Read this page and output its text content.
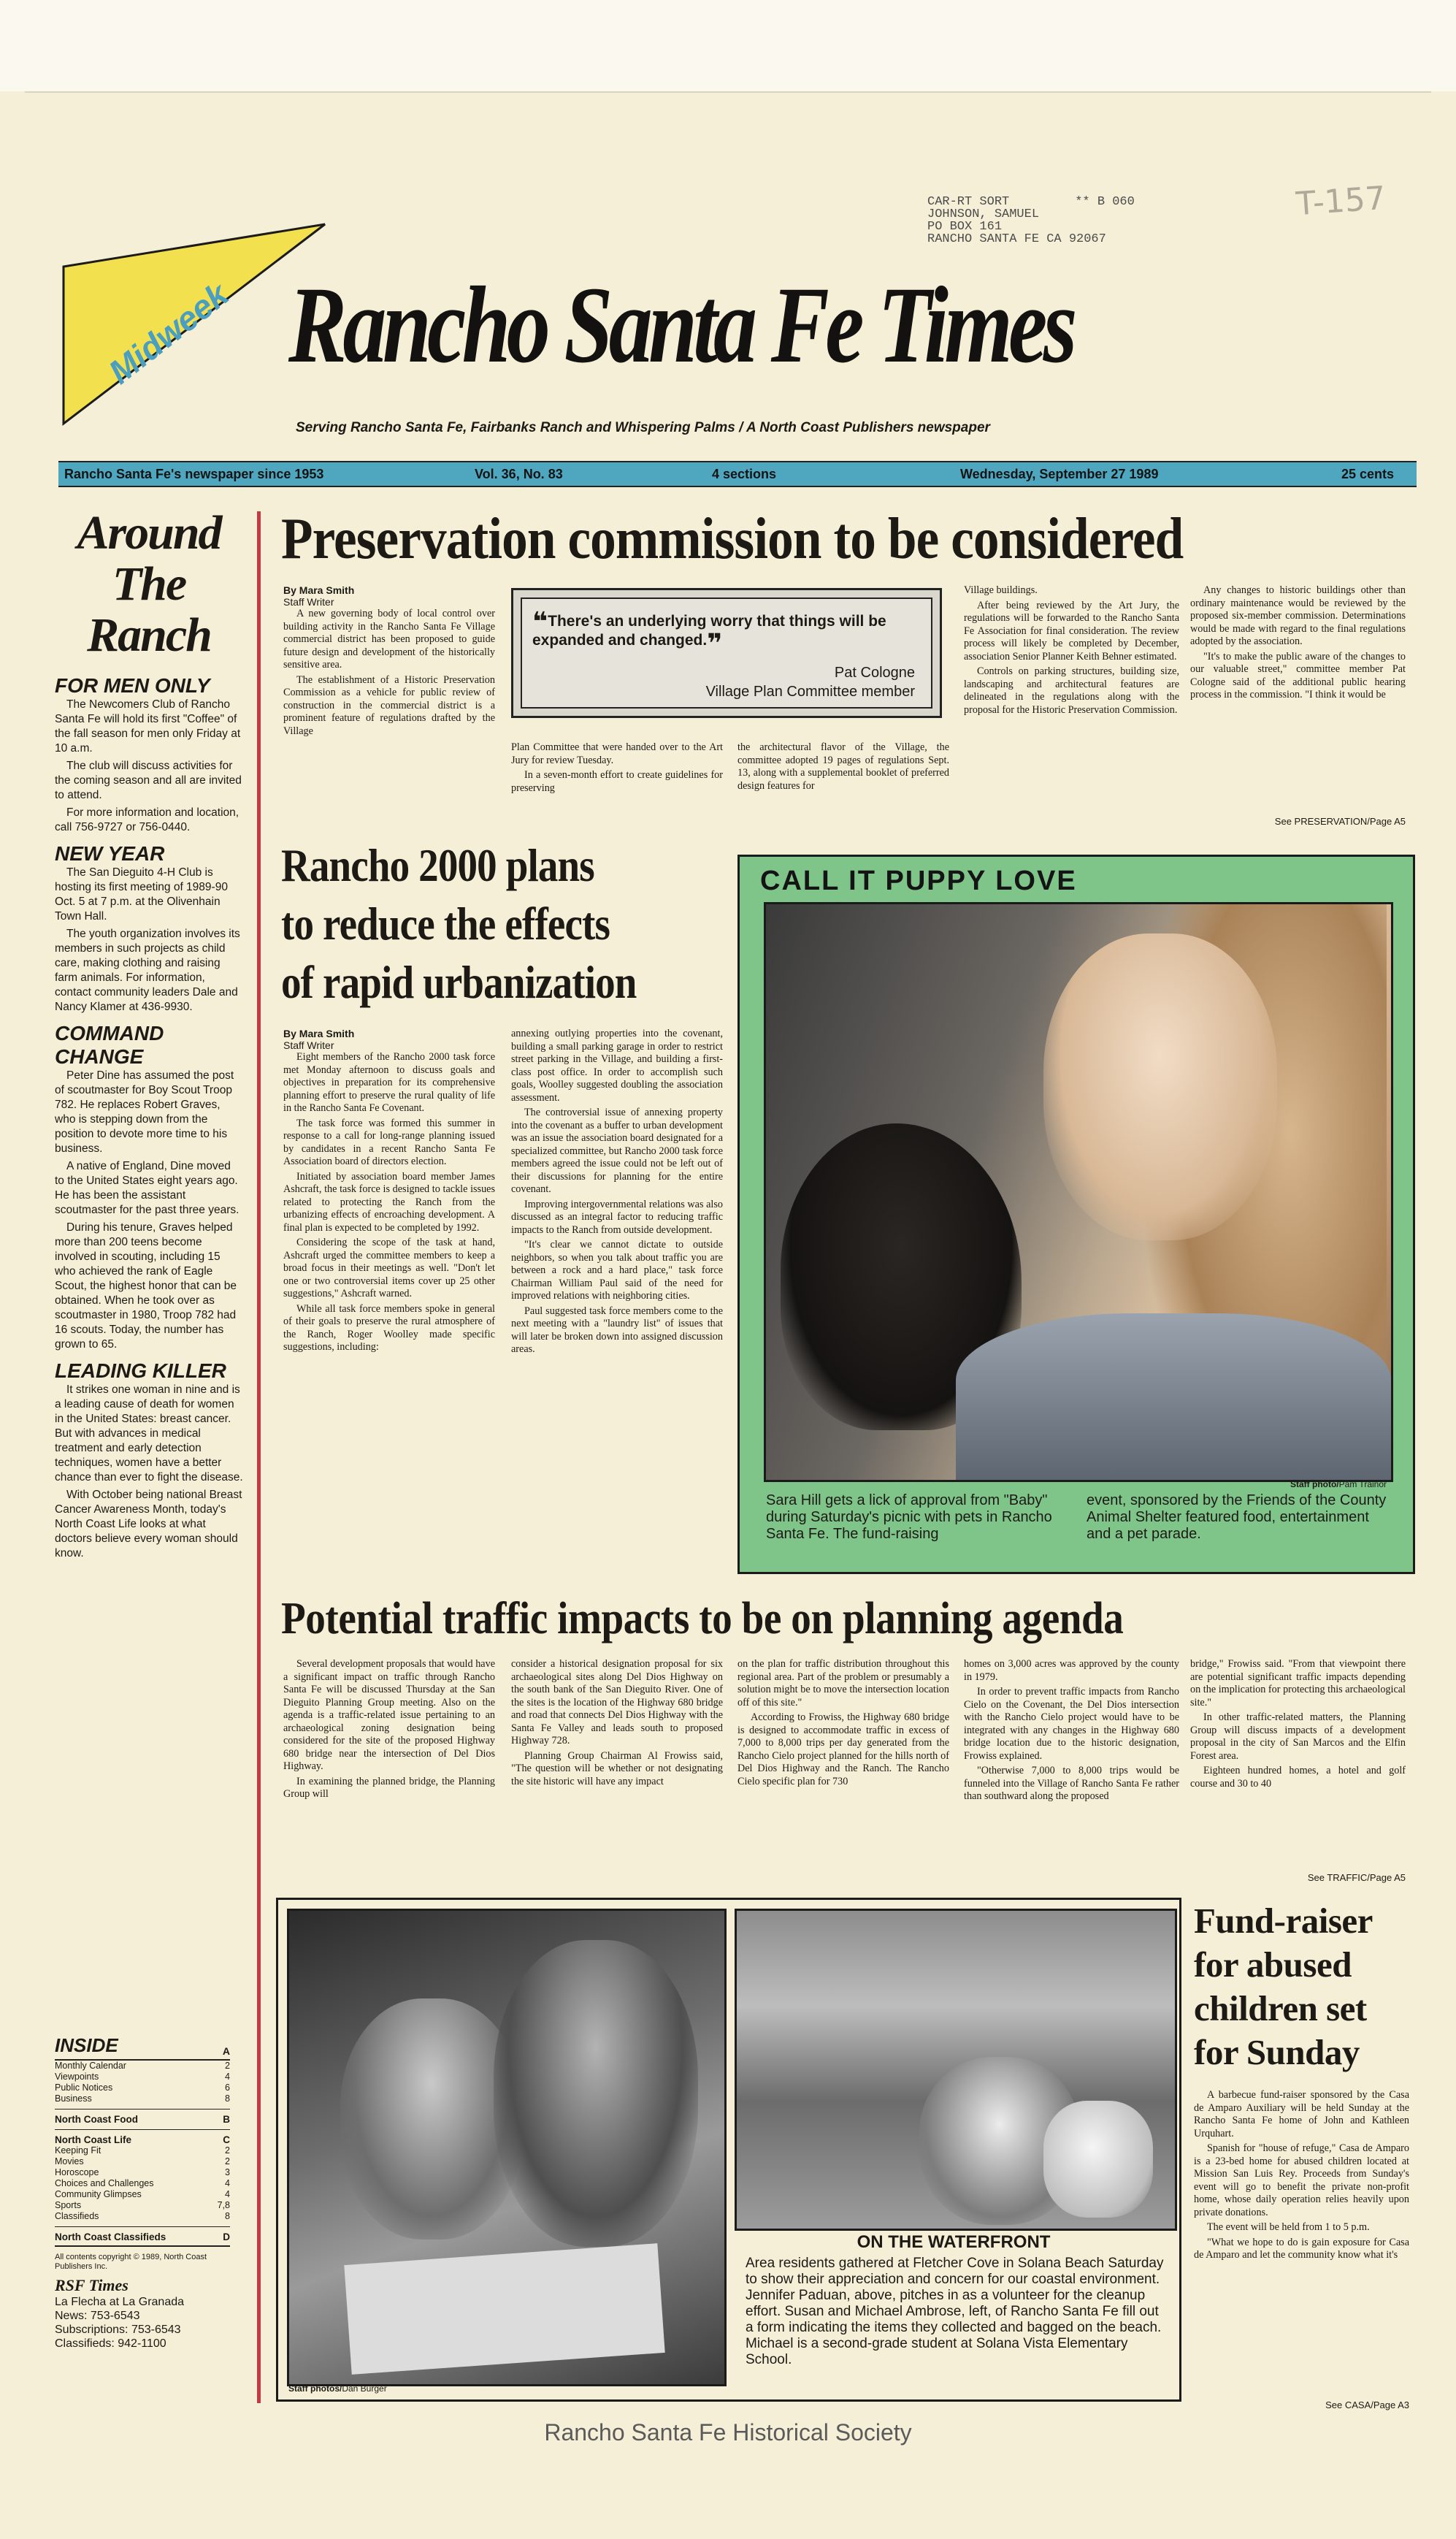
CAR-RT SORT	** B 060
JOHNSON, SAMUEL
PO BOX 161
RANCHO SANTA FE CA 92067
T-157
Midweek Rancho Santa Fe Times
Serving Rancho Santa Fe, Fairbanks Ranch and Whispering Palms / A North Coast Publishers newspaper
Rancho Santa Fe's newspaper since 1953	Vol. 36, No. 83	4 sections	Wednesday, September 27 1989	25 cents
Around
The
Ranch
FOR MEN ONLY

The Newcomers Club of Rancho Santa Fe will hold its first "Coffee" of the fall season for men only Friday at 10 a.m.

The club will discuss activities for the coming season and all are invited to attend.

For more information and location, call 756-9727 or 756-0440.

NEW YEAR

The San Dieguito 4-H Club is hosting its first meeting of 1989-90 Oct. 5 at 7 p.m. at the Olivenhain Town Hall.

The youth organization involves its members in such projects as child care, making clothing and raising farm animals. For information, contact community leaders Dale and Nancy Klamer at 436-9930.

COMMAND CHANGE

Peter Dine has assumed the post of scoutmaster for Boy Scout Troop 782. He replaces Robert Graves, who is stepping down from the position to devote more time to his business.

A native of England, Dine moved to the United States eight years ago. He has been the assistant scoutmaster for the past three years.

During his tenure, Graves helped more than 200 teens become involved in scouting, including 15 who achieved the rank of Eagle Scout, the highest honor that can be obtained. When he took over as scoutmaster in 1980, Troop 782 had 16 scouts. Today, the number has grown to 65.

LEADING KILLER

It strikes one woman in nine and is a leading cause of death for women in the United States: breast cancer. But with advances in medical treatment and early detection techniques, women have a better chance than ever to fight the disease.

With October being national Breast Cancer Awareness Month, today's North Coast Life looks at what doctors believe every woman should know.

INSIDE	A
Monthly Calendar	2
Viewpoints	4
Public Notices	6
Business	8
North Coast Food	B
North Coast Life	C
Keeping Fit	2
Movies	2
Horoscope	3
Choices and Challenges	4
Community Glimpses	4
Sports	7,8
Classifieds	8
North Coast Classifieds	D
All contents copyright © 1989, North Coast Publishers Inc.
RSF Times
La Flecha at La Granada
News: 753-6543
Subscriptions: 753-6543
Classifieds: 942-1100
Preservation commission to be considered
By Mara Smith
Staff Writer

A new governing body of local control over building activity in the Rancho Santa Fe Village commercial district has been proposed to guide future design and development of the historically sensitive area.

The establishment of a Historic Preservation Commission as a vehicle for public review of construction in the commercial district is a prominent feature of regulations drafted by the Village

❝There's an underlying worry that things will be expanded and changed.❞
Pat Cologne
Village Plan Committee member

Plan Committee that were handed over to the Art Jury for review Tuesday.

In a seven-month effort to create guidelines for preserving

the architectural flavor of the Village, the committee adopted 19 pages of regulations Sept. 13, along with a supplemental booklet of preferred design features for

Village buildings.

After being reviewed by the Art Jury, the regulations will be forwarded to the Rancho Santa Fe Association for final consideration. The review process will likely be completed by December, association Senior Planner Keith Behner estimated.

Controls on parking structures, building size, landscaping and architectural features are delineated in the regulations along with the proposal for the Historic Preservation Commission.

Any changes to historic buildings other than ordinary maintenance would be reviewed by the proposed six-member commission. Determinations would be made with regard to the final regulations adopted by the association.

"It's to make the public aware of the changes to our valuable street," committee member Pat Cologne said of the additional public hearing process in the commission. "I think it would be

See PRESERVATION/Page A5
Rancho 2000 plans
to reduce the effects
of rapid urbanization
By Mara Smith
Staff Writer

Eight members of the Rancho 2000 task force met Monday afternoon to discuss goals and objectives in preparation for its comprehensive planning effort to preserve the rural quality of life in the Rancho Santa Fe Covenant.

The task force was formed this summer in response to a call for long-range planning issued by candidates in a recent Rancho Santa Fe Association board of directors election.

Initiated by association board member James Ashcraft, the task force is designed to tackle issues related to protecting the Ranch from the urbanizing effects of encroaching development. A final plan is expected to be completed by 1992.

Considering the scope of the task at hand, Ashcraft urged the committee members to keep a broad focus in their meetings as well. "Don't let one or two controversial items cover up 25 other suggestions," Ashcraft warned.

While all task force members spoke in general of their goals to preserve the rural atmosphere of the Ranch, Roger Woolley made specific suggestions, including:

annexing outlying properties into the covenant, building a small parking garage in order to restrict street parking in the Village, and building a first-class post office. In order to accomplish such goals, Woolley suggested doubling the association assessment.

The controversial issue of annexing property into the covenant as a buffer to urban development was an issue the association board designated for a specialized committee, but Rancho 2000 task force members agreed the issue could not be left out of their discussions for planning for the entire covenant.

Improving intergovernmental relations was also discussed as an integral factor to reducing traffic impacts to the Ranch from outside development.

"It's clear we cannot dictate to outside neighbors, so when you talk about traffic you are between a rock and a hard place," task force Chairman William Paul said of the need for improved relations with neighboring cities.

Paul suggested task force members come to the next meeting with a "laundry list" of issues that will later be broken down into assigned discussion areas.

CALL IT PUPPY LOVE
Staff photo/Pam Trainor
Sara Hill gets a lick of approval from "Baby" during Saturday's picnic with pets in Rancho Santa Fe. The fund-raising
event, sponsored by the Friends of the County Animal Shelter featured food, entertainment and a pet parade.
Potential traffic impacts to be on planning agenda

Several development proposals that would have a significant impact on traffic through Rancho Santa Fe will be discussed Thursday at the San Dieguito Planning Group meeting. Also on the agenda is a traffic-related issue pertaining to an archaeological zoning designation being considered for the site of the proposed Highway 680 bridge near the intersection of Del Dios Highway.

In examining the planned bridge, the Planning Group will

consider a historical designation proposal for six archaeological sites along Del Dios Highway on the south bank of the San Dieguito River. One of the sites is the location of the Highway 680 bridge and road that connects Del Dios Highway with the Santa Fe Valley and leads south to proposed Highway 728.

Planning Group Chairman Al Frowiss said, "The question will be whether or not designating the site historic will have any impact

on the plan for traffic distribution throughout this regional area. Part of the problem or presumably a solution might be to move the intersection location off of this site."

According to Frowiss, the Highway 680 bridge is designed to accommodate traffic in excess of 7,000 to 8,000 trips per day generated from the Rancho Cielo project planned for the hills north of Del Dios Highway and the Ranch. The Rancho Cielo specific plan for 730

homes on 3,000 acres was approved by the county in 1979.

In order to prevent traffic impacts from Rancho Cielo on the Covenant, the Del Dios intersection with the Rancho Cielo project would have to be integrated with any changes in the Highway 680 bridge location due to the historic designation, Frowiss explained.

"Otherwise 7,000 to 8,000 trips would be funneled into the Village of Rancho Santa Fe rather than southward along the proposed

bridge," Frowiss said. "From that viewpoint there are potential significant traffic impacts depending on the implication for protecting this archaeological site."

In other traffic-related matters, the Planning Group will discuss impacts of a development proposal in the city of San Marcos and the Elfin Forest area.

Eighteen hundred homes, a hotel and golf course and 30 to 40

See TRAFFIC/Page A5
Staff photos/Dan Burger
ON THE WATERFRONT
Area residents gathered at Fletcher Cove in Solana Beach Saturday to show their appreciation and concern for our coastal environment. Jennifer Paduan, above, pitches in as a volunteer for the cleanup effort. Susan and Michael Ambrose, left, of Rancho Santa Fe fill out a form indicating the items they collected and bagged on the beach. Michael is a second-grade student at Solana Vista Elementary School.
Fund-raiser
for abused
children set
for Sunday

A barbecue fund-raiser sponsored by the Casa de Amparo Auxiliary will be held Sunday at the Rancho Santa Fe home of John and Kathleen Urquhart.

Spanish for "house of refuge," Casa de Amparo is a 23-bed home for abused children located at Mission San Luis Rey. Proceeds from Sunday's event will go to benefit the private non-profit home, whose daily operation relies heavily upon private donations.

The event will be held from 1 to 5 p.m.

"What we hope to do is gain exposure for Casa de Amparo and let the community know what it's

See CASA/Page A3
Rancho Santa Fe Historical Society
